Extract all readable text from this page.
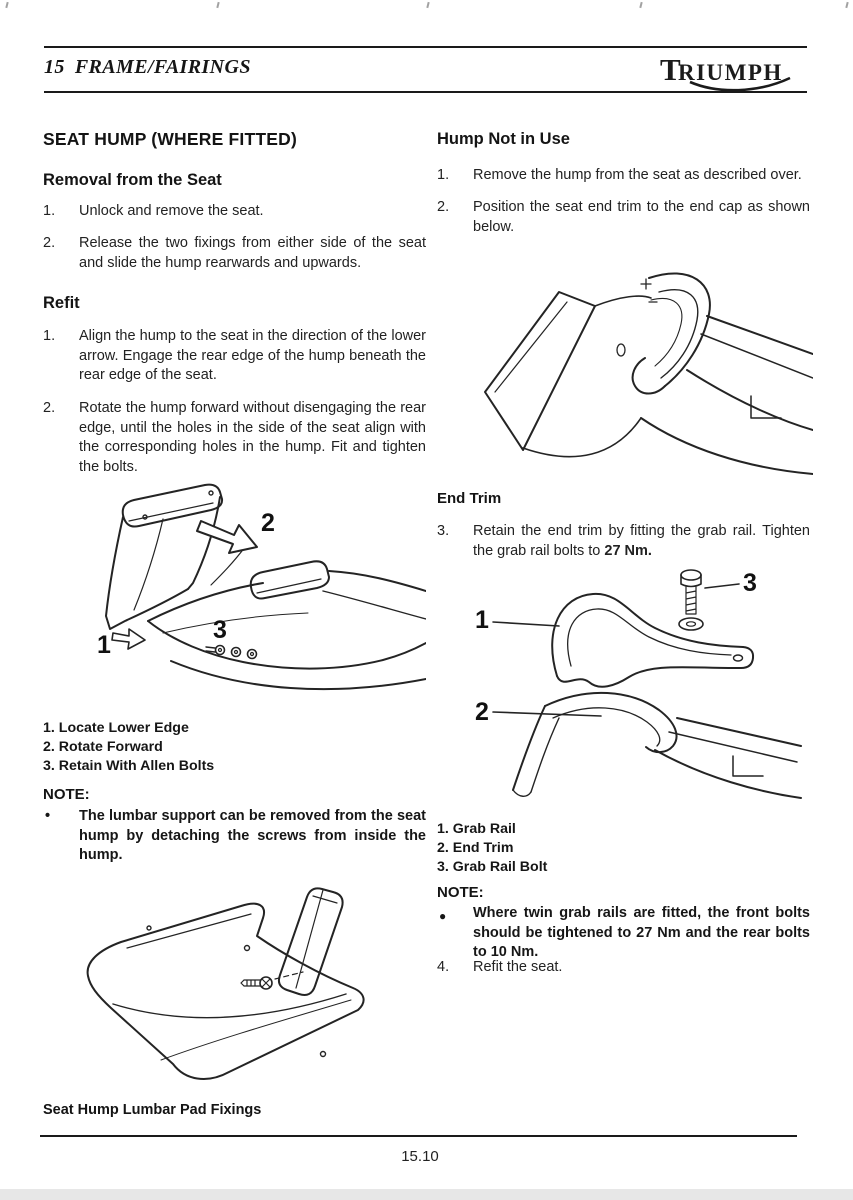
15 FRAME/FAIRINGS	T
RIUMPH
SEAT HUMP (WHERE FITTED)
Removal from the Seat
1. Unlock and remove the seat.
2. Release the two fixings from either side of the seat and slide the hump rearwards and upwards.
Refit
1. Align the hump to the seat in the direction of the lower arrow. Engage the rear edge of the hump beneath the rear edge of the seat.
2. Rotate the hump forward without disengaging the rear edge, until the holes in the side of the seat align with the corresponding holes in the hump. Fit and tighten the bolts.
2
1
3
1. Locate Lower Edge
2. Rotate Forward
3. Retain With Allen Bolts
NOTE:
• The lumbar support can be removed from the seat hump by detaching the screws from inside the hump.
Seat Hump Lumbar Pad Fixings
Hump Not in Use
1. Remove the hump from the seat as described over.
2. Position the seat end trim to the end cap as shown below.
End Trim
3. Retain the end trim by fitting the grab rail. Tighten the grab rail bolts to 27 Nm.
1
2
3
1. Grab Rail
2. End Trim
3. Grab Rail Bolt
NOTE:
● Where twin grab rails are fitted, the front bolts should be tightened to 27 Nm and the rear bolts to 10 Nm.
4. Refit the seat.
15.10
